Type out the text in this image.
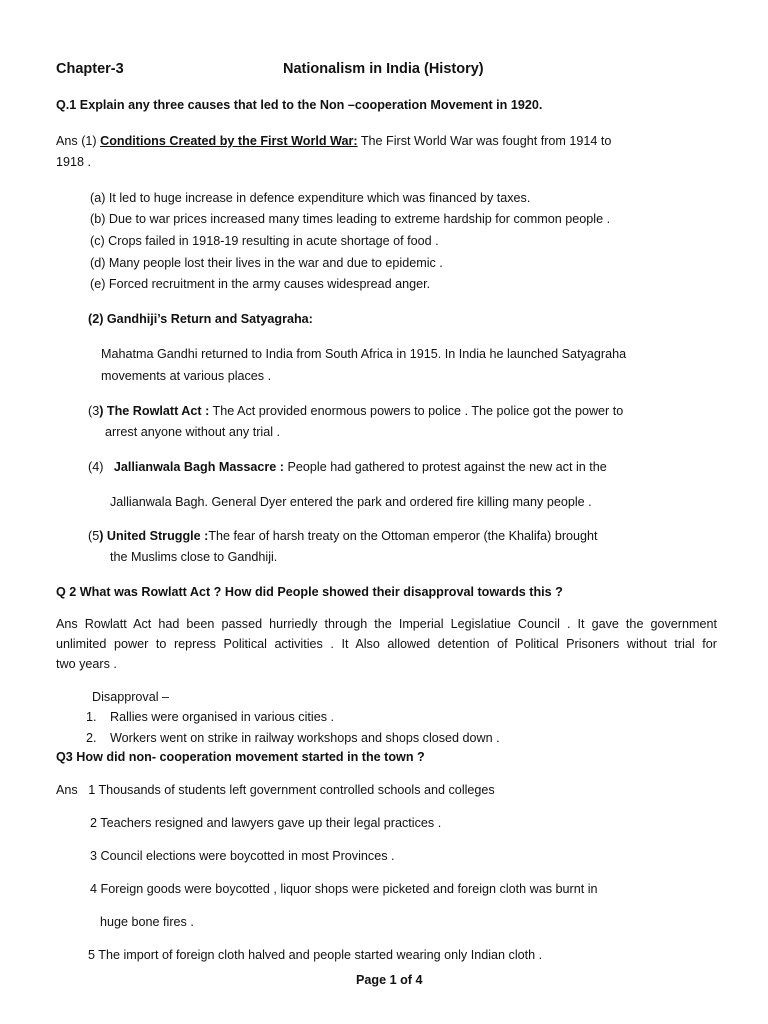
Chapter-3	Nationalism in India (History)
Q.1 Explain any three causes that led to the Non –cooperation Movement in 1920.
Ans (1) Conditions Created by the First World War: The First World War was fought from 1914 to
1918 .
(a) It led to huge increase in defence expenditure which was financed by taxes.
(b) Due to war prices increased many times leading to extreme hardship for common people .
(c) Crops failed in 1918-19 resulting in acute shortage of food .
(d) Many people lost their lives in the war and due to epidemic .
(e) Forced recruitment in the army causes widespread anger.
(2) Gandhiji’s Return and Satyagraha:
Mahatma Gandhi returned to India from South Africa in 1915. In India he launched Satyagraha
movements at various places .
(3) The Rowlatt Act : The Act provided enormous powers to police . The police got the power to
arrest anyone without any trial .
(4) Jallianwala Bagh Massacre : People had gathered to protest against the new act in the
Jallianwala Bagh. General Dyer entered the park and ordered fire killing many people .
(5) United Struggle :The fear of harsh treaty on the Ottoman emperor (the Khalifa) brought
the Muslims close to Gandhiji.
Q 2 What was Rowlatt Act ? How did People showed their disapproval towards this ?
Ans Rowlatt Act had been passed hurriedly through the Imperial Legislatiue Council . It gave the government
unlimited power to repress Political activities . It Also allowed detention of Political Prisoners without trial for
two years .
Disapproval –
1. Rallies were organised in various cities .
2. Workers went on strike in railway workshops and shops closed down .
Q3 How did non- cooperation movement started in the town ?
Ans 1 Thousands of students left government controlled schools and colleges
2 Teachers resigned and lawyers gave up their legal practices .
3 Council elections were boycotted in most Provinces .
4 Foreign goods were boycotted , liquor shops were picketed and foreign cloth was burnt in
huge bone fires .
5 The import of foreign cloth halved and people started wearing only Indian cloth .
Page 1 of 4
